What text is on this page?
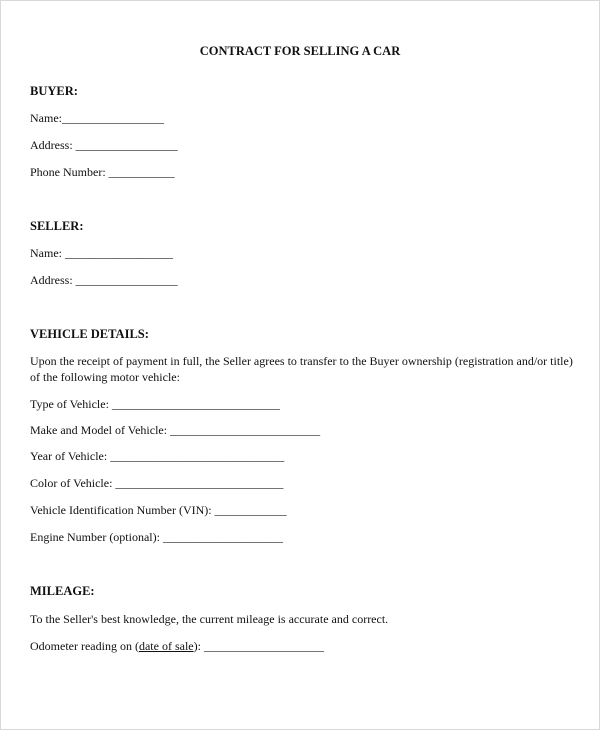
CONTRACT FOR SELLING A CAR
BUYER:
Name:_________________
Address: _________________
Phone Number: ___________
SELLER:
Name: __________________
Address: _________________
VEHICLE DETAILS:
Upon the receipt of payment in full, the Seller agrees to transfer to the Buyer ownership (registration and/or title) of the following motor vehicle:
Type of Vehicle: ____________________________
Make and Model of Vehicle: _________________________
Year of Vehicle: _____________________________
Color of Vehicle: ____________________________
Vehicle Identification Number (VIN): ____________
Engine Number (optional): ____________________
MILEAGE:
To the Seller's best knowledge, the current mileage is accurate and correct.
Odometer reading on (date of sale): ____________________
